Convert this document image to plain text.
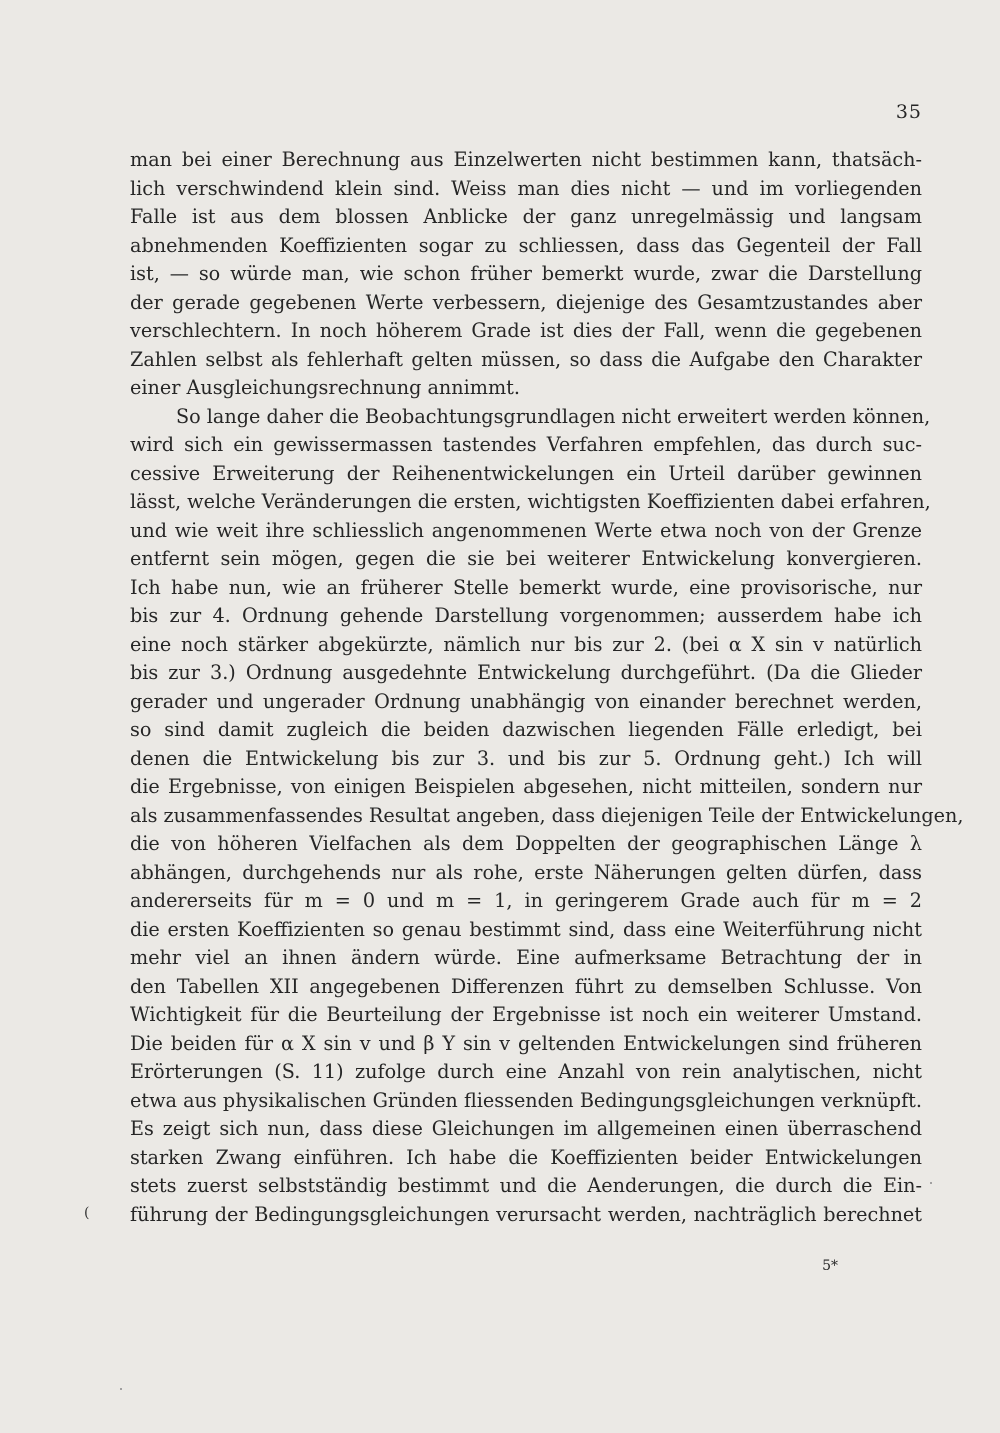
35
man bei einer Berechnung aus Einzelwerten nicht bestimmen kann, thatsäch-
lich verschwindend klein sind. Weiss man dies nicht — und im vorliegenden
Falle ist aus dem blossen Anblicke der ganz unregelmässig und langsam
abnehmenden Koeffizienten sogar zu schliessen, dass das Gegenteil der Fall
ist, — so würde man, wie schon früher bemerkt wurde, zwar die Darstellung
der gerade gegebenen Werte verbessern, diejenige des Gesamtzustandes aber
verschlechtern. In noch höherem Grade ist dies der Fall, wenn die gegebenen
Zahlen selbst als fehlerhaft gelten müssen, so dass die Aufgabe den Charakter
einer Ausgleichungsrechnung annimmt.
So lange daher die Beobachtungsgrundlagen nicht erweitert werden können,
wird sich ein gewissermassen tastendes Verfahren empfehlen, das durch suc-
cessive Erweiterung der Reihenentwickelungen ein Urteil darüber gewinnen
lässt, welche Veränderungen die ersten, wichtigsten Koeffizienten dabei erfahren,
und wie weit ihre schliesslich angenommenen Werte etwa noch von der Grenze
entfernt sein mögen, gegen die sie bei weiterer Entwickelung konvergieren.
Ich habe nun, wie an früherer Stelle bemerkt wurde, eine provisorische, nur
bis zur 4. Ordnung gehende Darstellung vorgenommen; ausserdem habe ich
eine noch stärker abgekürzte, nämlich nur bis zur 2. (bei α X sin v natürlich
bis zur 3.) Ordnung ausgedehnte Entwickelung durchgeführt. (Da die Glieder
gerader und ungerader Ordnung unabhängig von einander berechnet werden,
so sind damit zugleich die beiden dazwischen liegenden Fälle erledigt, bei
denen die Entwickelung bis zur 3. und bis zur 5. Ordnung geht.) Ich will
die Ergebnisse, von einigen Beispielen abgesehen, nicht mitteilen, sondern nur
als zusammenfassendes Resultat angeben, dass diejenigen Teile der Entwickelungen,
die von höheren Vielfachen als dem Doppelten der geographischen Länge λ
abhängen, durchgehends nur als rohe, erste Näherungen gelten dürfen, dass
andererseits für m = 0 und m = 1, in geringerem Grade auch für m = 2
die ersten Koeffizienten so genau bestimmt sind, dass eine Weiterführung nicht
mehr viel an ihnen ändern würde. Eine aufmerksame Betrachtung der in
den Tabellen XII angegebenen Differenzen führt zu demselben Schlusse. Von
Wichtigkeit für die Beurteilung der Ergebnisse ist noch ein weiterer Umstand.
Die beiden für α X sin v und β Y sin v geltenden Entwickelungen sind früheren
Erörterungen (S. 11) zufolge durch eine Anzahl von rein analytischen, nicht
etwa aus physikalischen Gründen fliessenden Bedingungsgleichungen verknüpft.
Es zeigt sich nun, dass diese Gleichungen im allgemeinen einen überraschend
starken Zwang einführen. Ich habe die Koeffizienten beider Entwickelungen
stets zuerst selbstständig bestimmt und die Aenderungen, die durch die Ein-
führung der Bedingungsgleichungen verursacht werden, nachträglich berechnet
5*
(
